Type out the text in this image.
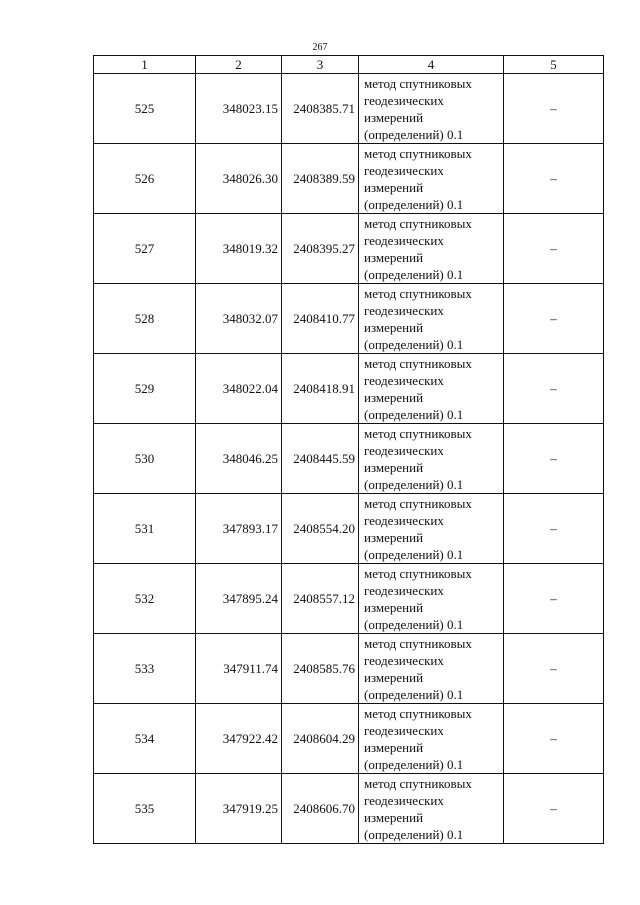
267
1	2	3	4	5
525	348023.15	2408385.71	метод спутниковых геодезических измерений (определений) 0.1	–
526	348026.30	2408389.59	метод спутниковых геодезических измерений (определений) 0.1	–
527	348019.32	2408395.27	метод спутниковых геодезических измерений (определений) 0.1	–
528	348032.07	2408410.77	метод спутниковых геодезических измерений (определений) 0.1	–
529	348022.04	2408418.91	метод спутниковых геодезических измерений (определений) 0.1	–
530	348046.25	2408445.59	метод спутниковых геодезических измерений (определений) 0.1	–
531	347893.17	2408554.20	метод спутниковых геодезических измерений (определений) 0.1	–
532	347895.24	2408557.12	метод спутниковых геодезических измерений (определений) 0.1	–
533	347911.74	2408585.76	метод спутниковых геодезических измерений (определений) 0.1	–
534	347922.42	2408604.29	метод спутниковых геодезических измерений (определений) 0.1	–
535	347919.25	2408606.70	метод спутниковых геодезических измерений (определений) 0.1	–
